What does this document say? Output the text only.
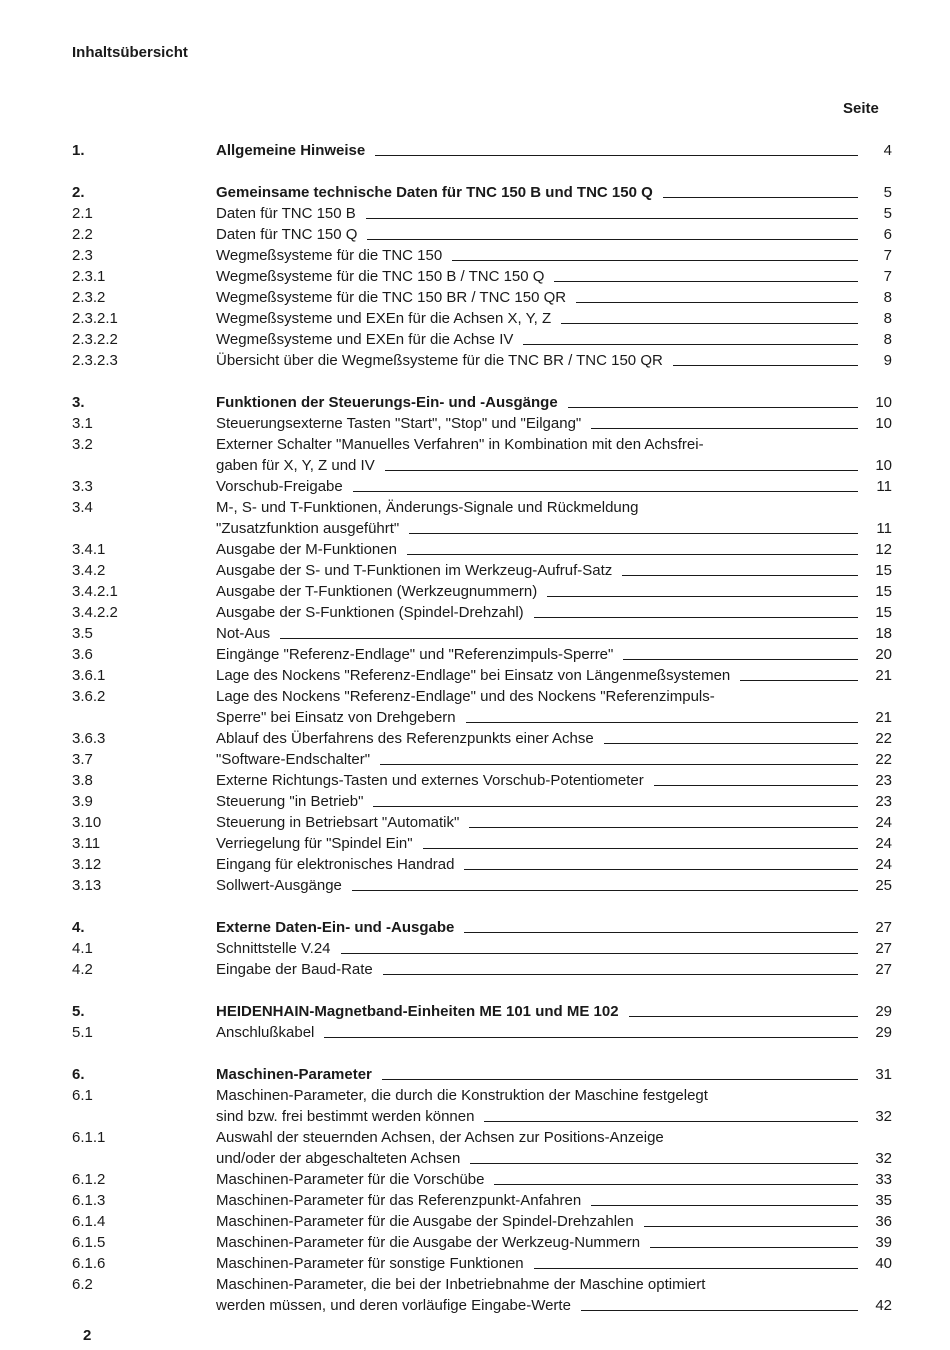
Inhaltsübersicht
Seite
1.	Allgemeine Hinweise	4
2.	Gemeinsame technische Daten für TNC 150 B und TNC 150 Q	5
2.1	Daten für TNC 150 B	5
2.2	Daten für TNC 150 Q	6
2.3	Wegmeßsysteme für die TNC 150	7
2.3.1	Wegmeßsysteme für die TNC 150 B / TNC 150 Q	7
2.3.2	Wegmeßsysteme für die TNC 150 BR / TNC 150 QR	8
2.3.2.1	Wegmeßsysteme und EXEn für die Achsen X, Y, Z	8
2.3.2.2	Wegmeßsysteme und EXEn für die Achse IV	8
2.3.2.3	Übersicht über die Wegmeßsysteme für die TNC BR / TNC 150 QR	9
3.	Funktionen der Steuerungs-Ein- und -Ausgänge	10
3.1	Steuerungsexterne Tasten "Start", "Stop" und "Eilgang"	10
3.2	Externer Schalter "Manuelles Verfahren" in Kombination mit den Achsfrei-
gaben für X, Y, Z und IV	10
3.3	Vorschub-Freigabe	11
3.4	M-, S- und T-Funktionen, Änderungs-Signale und Rückmeldung
"Zusatzfunktion ausgeführt"	11
3.4.1	Ausgabe der M-Funktionen	12
3.4.2	Ausgabe der S- und T-Funktionen im Werkzeug-Aufruf-Satz	15
3.4.2.1	Ausgabe der T-Funktionen (Werkzeugnummern)	15
3.4.2.2	Ausgabe der S-Funktionen (Spindel-Drehzahl)	15
3.5	Not-Aus	18
3.6	Eingänge "Referenz-Endlage" und "Referenzimpuls-Sperre"	20
3.6.1	Lage des Nockens "Referenz-Endlage" bei Einsatz von Längenmeßsystemen	21
3.6.2	Lage des Nockens "Referenz-Endlage" und des Nockens "Referenzimpuls-
Sperre" bei Einsatz von Drehgebern	21
3.6.3	Ablauf des Überfahrens des Referenzpunkts einer Achse	22
3.7	"Software-Endschalter"	22
3.8	Externe Richtungs-Tasten und externes Vorschub-Potentiometer	23
3.9	Steuerung "in Betrieb"	23
3.10	Steuerung in Betriebsart "Automatik"	24
3.11	Verriegelung für "Spindel Ein"	24
3.12	Eingang für elektronisches Handrad	24
3.13	Sollwert-Ausgänge	25
4.	Externe Daten-Ein- und -Ausgabe	27
4.1	Schnittstelle V.24	27
4.2	Eingabe der Baud-Rate	27
5.	HEIDENHAIN-Magnetband-Einheiten ME 101 und ME 102	29
5.1	Anschlußkabel	29
6.	Maschinen-Parameter	31
6.1	Maschinen-Parameter, die durch die Konstruktion der Maschine festgelegt
sind bzw. frei bestimmt werden können	32
6.1.1	Auswahl der steuernden Achsen, der Achsen zur Positions-Anzeige
und/oder der abgeschalteten Achsen	32
6.1.2	Maschinen-Parameter für die Vorschübe	33
6.1.3	Maschinen-Parameter für das Referenzpunkt-Anfahren	35
6.1.4	Maschinen-Parameter für die Ausgabe der Spindel-Drehzahlen	36
6.1.5	Maschinen-Parameter für die Ausgabe der Werkzeug-Nummern	39
6.1.6	Maschinen-Parameter für sonstige Funktionen	40
6.2	Maschinen-Parameter, die bei der Inbetriebnahme der Maschine optimiert
werden müssen, und deren vorläufige Eingabe-Werte	42
2
